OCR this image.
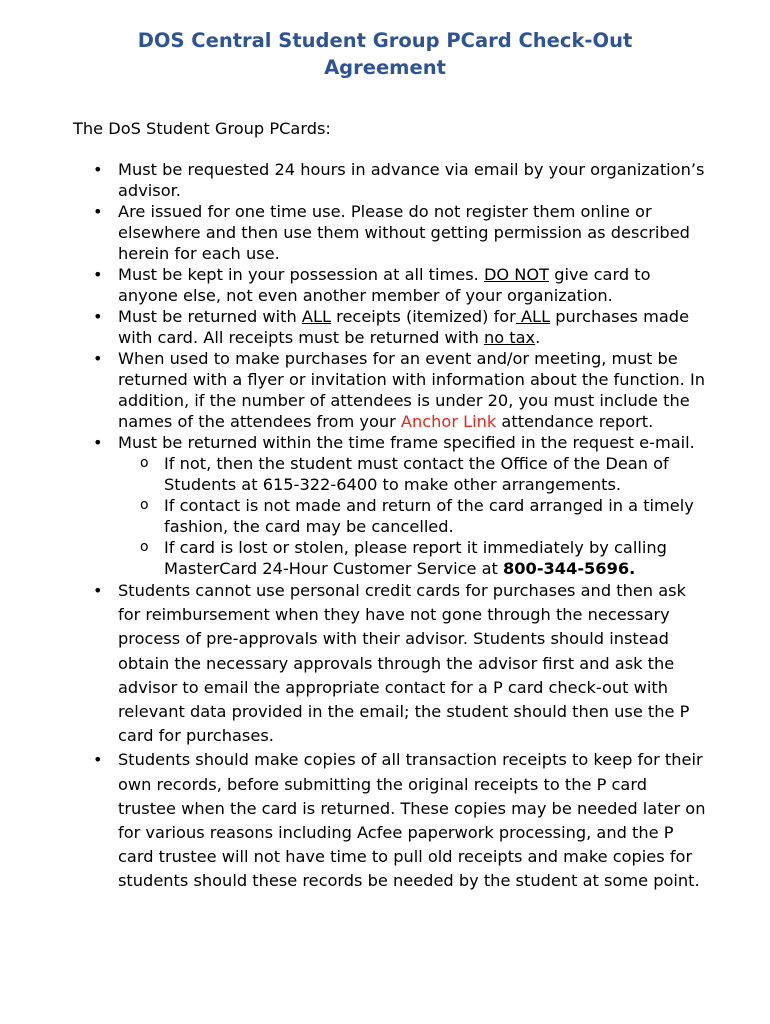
DOS Central Student Group PCard Check-Out
Agreement
The DoS Student Group PCards:
• Must be requested 24 hours in advance via email by your organization’s advisor.
• Are issued for one time use. Please do not register them online or elsewhere and then use them without getting permission as described herein for each use.
• Must be kept in your possession at all times. DO NOT give card to anyone else, not even another member of your organization.
• Must be returned with ALL receipts (itemized) for ALL purchases made with card. All receipts must be returned with no tax.
• When used to make purchases for an event and/or meeting, must be returned with a flyer or invitation with information about the function. In addition, if the number of attendees is under 20, you must include the names of the attendees from your Anchor Link attendance report.
• Must be returned within the time frame specified in the request e-mail.
o If not, then the student must contact the Office of the Dean of Students at 615-322-6400 to make other arrangements.
o If contact is not made and return of the card arranged in a timely fashion, the card may be cancelled.
o If card is lost or stolen, please report it immediately by calling MasterCard 24-Hour Customer Service at 800-344-5696.
• Students cannot use personal credit cards for purchases and then ask for reimbursement when they have not gone through the necessary process of pre-approvals with their advisor. Students should instead obtain the necessary approvals through the advisor first and ask the advisor to email the appropriate contact for a P card check-out with relevant data provided in the email; the student should then use the P card for purchases.
• Students should make copies of all transaction receipts to keep for their own records, before submitting the original receipts to the P card trustee when the card is returned. These copies may be needed later on for various reasons including Acfee paperwork processing, and the P card trustee will not have time to pull old receipts and make copies for students should these records be needed by the student at some point.
